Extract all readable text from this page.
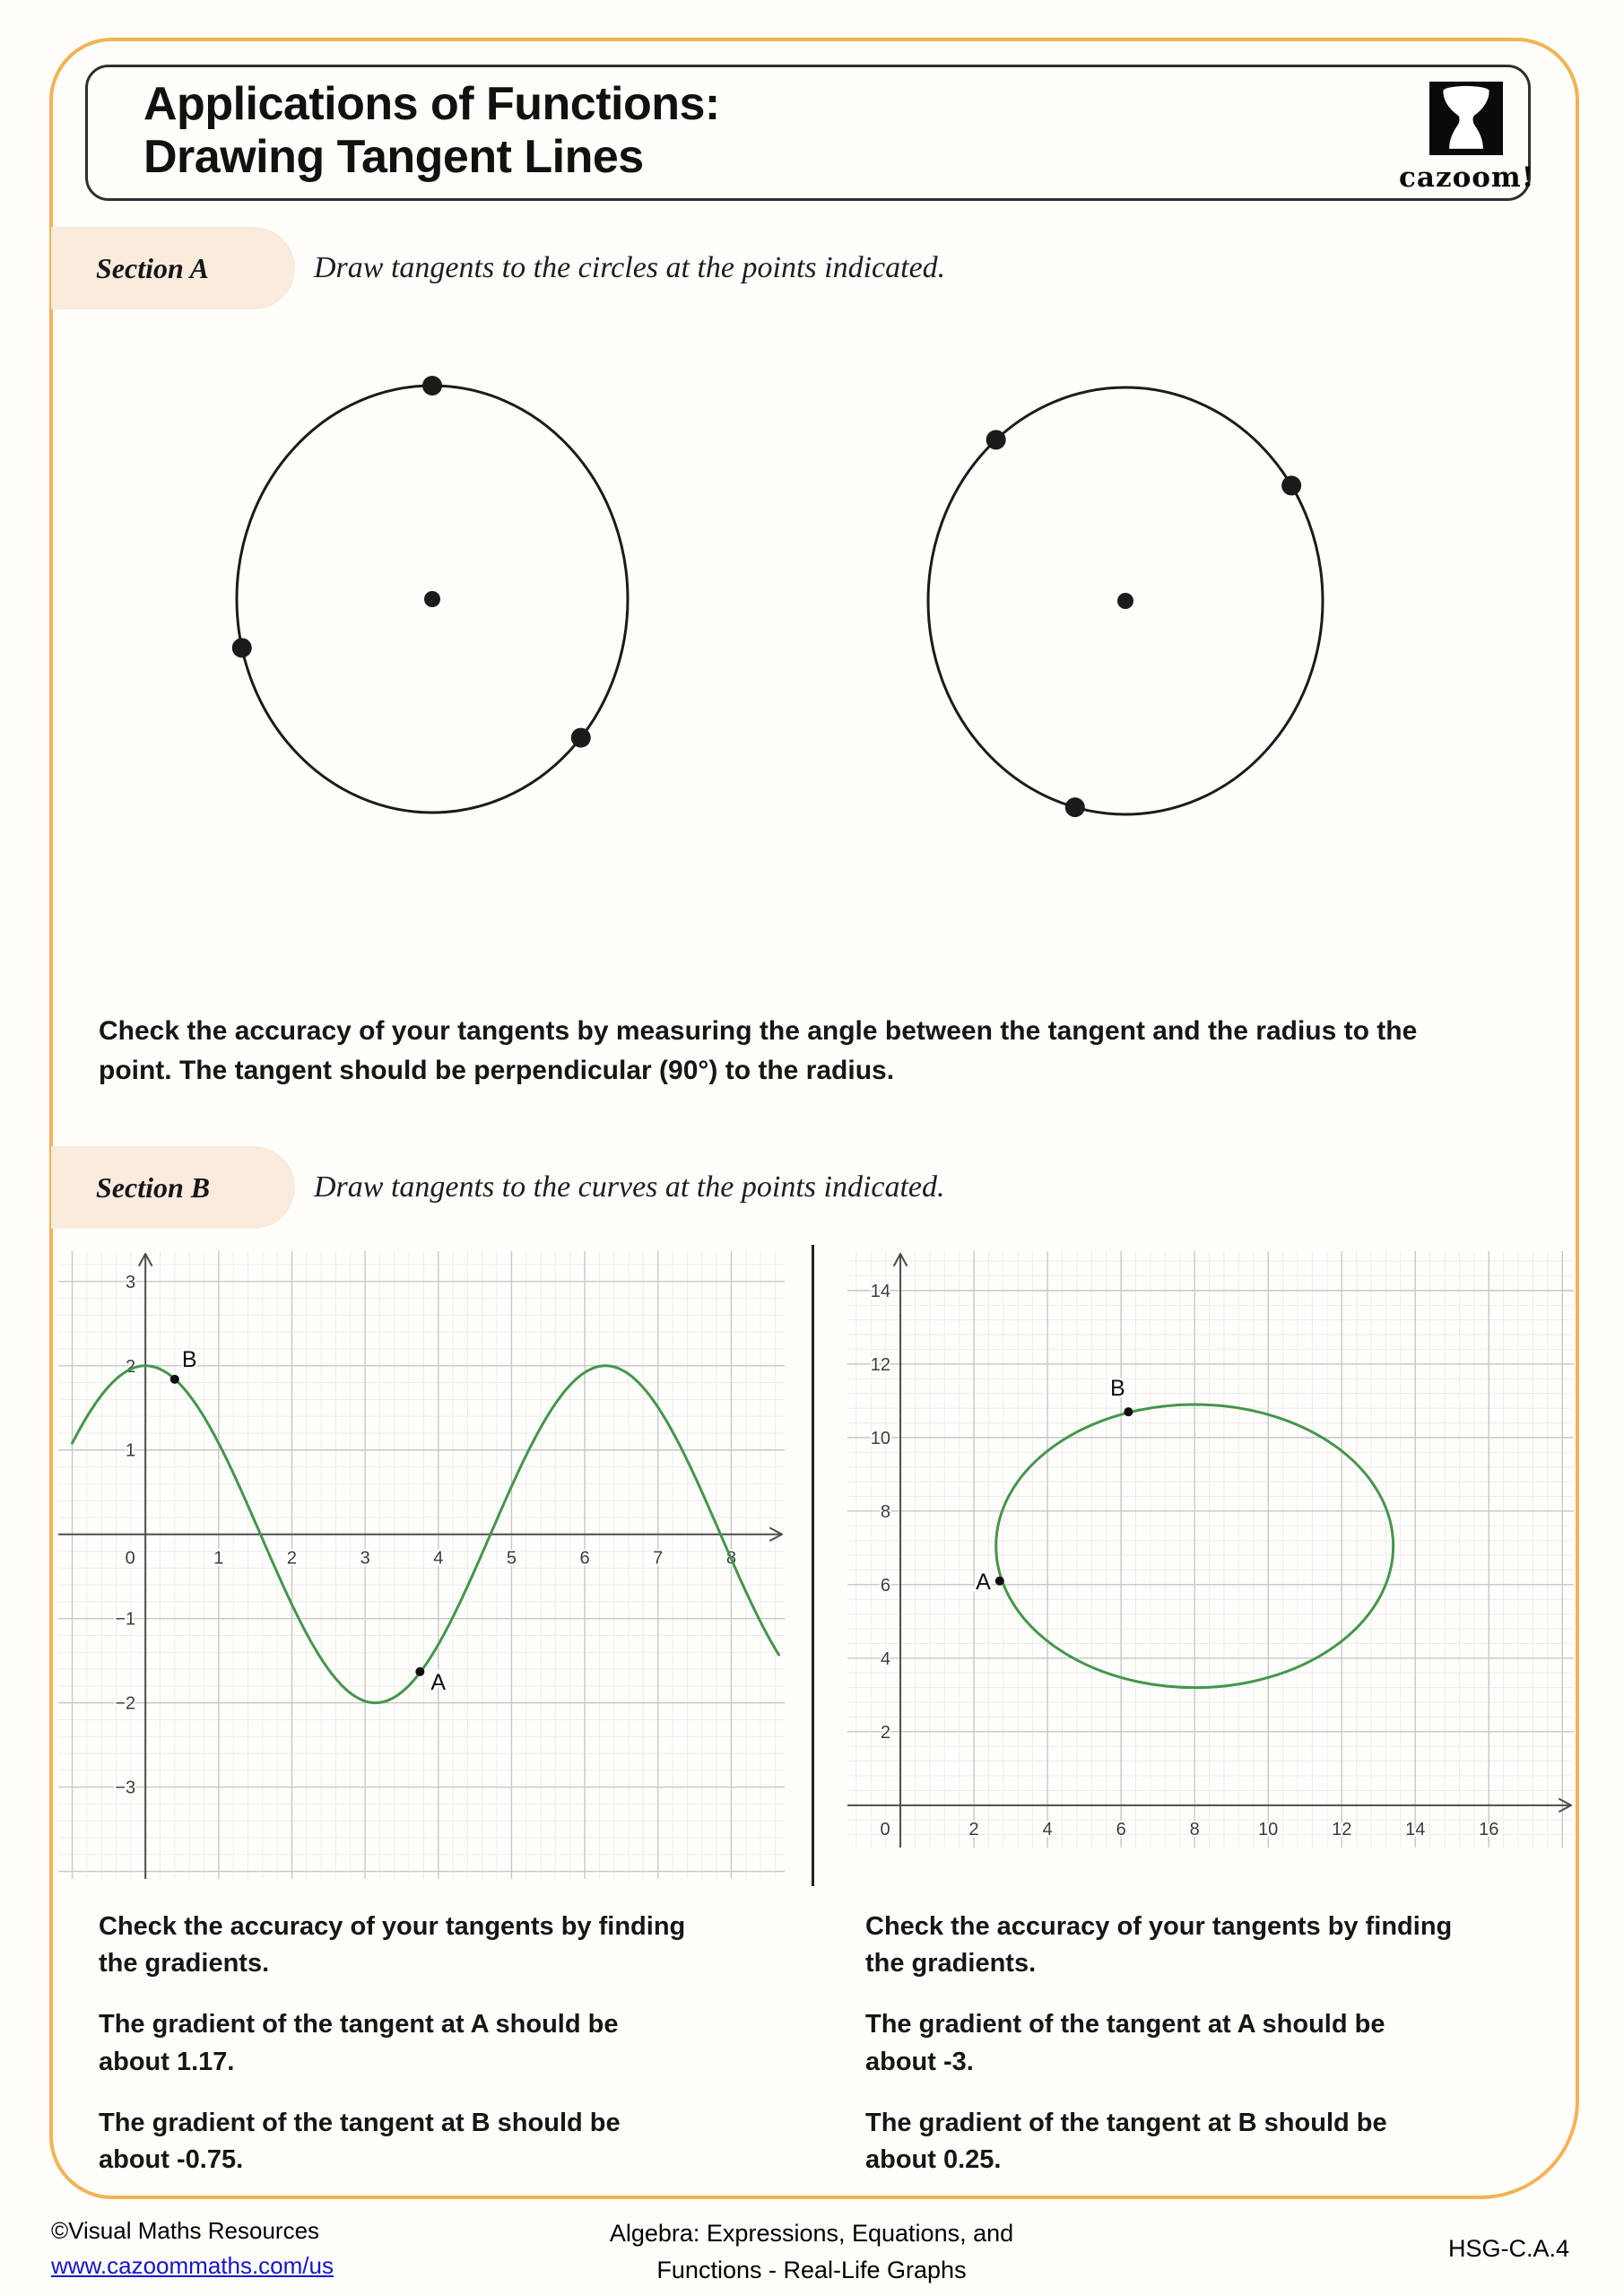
Applications of Functions:
Drawing Tangent Lines	cazoom!
Section A	Draw tangents to the circles at the points indicated.
Check the accuracy of your tangents by measuring the angle between the tangent and the radius to the point. The tangent should be perpendicular (90°) to the radius.
Section B	Draw tangents to the curves at the points indicated.
0	1	2	3	4	5	6	7	8
3
2
1
−1
−2
−3
B
A
0	2	4	6	8	10	12	14	16
2
4
6
8
10
12
14
A
B

Check the accuracy of your tangents by finding the gradients.

The gradient of the tangent at A should be about 1.17.

The gradient of the tangent at B should be about -0.75.

Check the accuracy of your tangents by finding the gradients.

The gradient of the tangent at A should be about -3.

The gradient of the tangent at B should be about 0.25.

©Visual Maths Resources
www.cazoommaths.com/us
Algebra: Expressions, Equations, and
Functions - Real-Life Graphs
HSG-C.A.4
